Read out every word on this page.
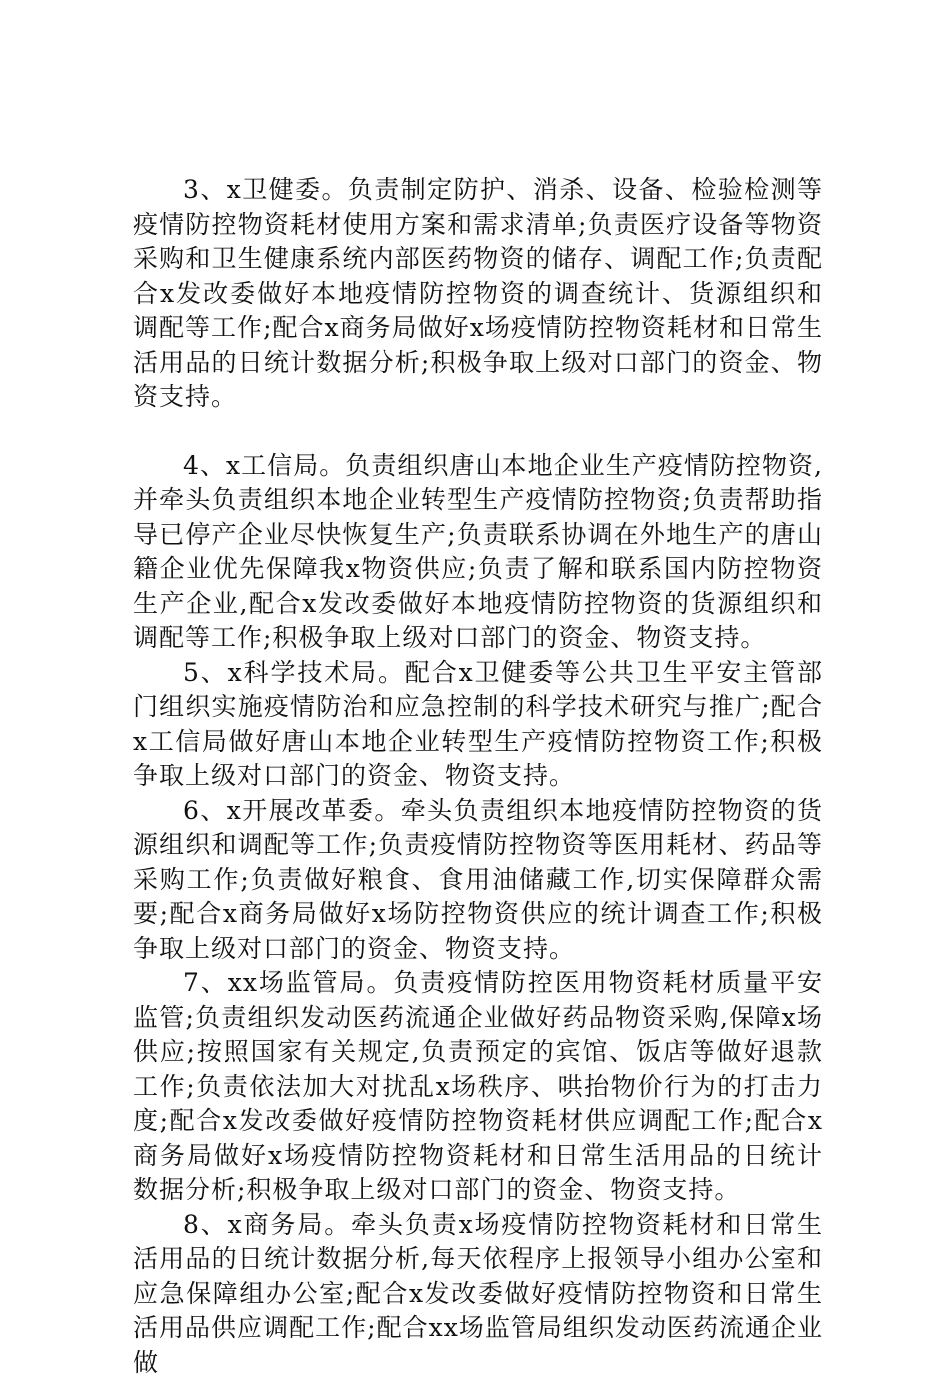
3、x卫健委。负责制定防护、消杀、设备、检验检测等疫情防控物资耗材使用方案和需求清单;负责医疗设备等物资采购和卫生健康系统内部医药物资的储存、调配工作;负责配合x发改委做好本地疫情防控物资的调查统计、货源组织和调配等工作;配合x商务局做好x场疫情防控物资耗材和日常生活用品的日统计数据分析;积极争取上级对口部门的资金、物资支持。

4、x工信局。负责组织唐山本地企业生产疫情防控物资,并牵头负责组织本地企业转型生产疫情防控物资;负责帮助指导已停产企业尽快恢复生产;负责联系协调在外地生产的唐山籍企业优先保障我x物资供应;负责了解和联系国内防控物资生产企业,配合x发改委做好本地疫情防控物资的货源组织和调配等工作;积极争取上级对口部门的资金、物资支持。

5、x科学技术局。配合x卫健委等公共卫生平安主管部门组织实施疫情防治和应急控制的科学技术研究与推广;配合x工信局做好唐山本地企业转型生产疫情防控物资工作;积极争取上级对口部门的资金、物资支持。

6、x开展改革委。牵头负责组织本地疫情防控物资的货源组织和调配等工作;负责疫情防控物资等医用耗材、药品等采购工作;负责做好粮食、食用油储藏工作,切实保障群众需要;配合x商务局做好x场防控物资供应的统计调查工作;积极争取上级对口部门的资金、物资支持。

7、xx场监管局。负责疫情防控医用物资耗材质量平安监管;负责组织发动医药流通企业做好药品物资采购,保障x场供应;按照国家有关规定,负责预定的宾馆、饭店等做好退款工作;负责依法加大对扰乱x场秩序、哄抬物价行为的打击力度;配合x发改委做好疫情防控物资耗材供应调配工作;配合x商务局做好x场疫情防控物资耗材和日常生活用品的日统计数据分析;积极争取上级对口部门的资金、物资支持。

8、x商务局。牵头负责x场疫情防控物资耗材和日常生活用品的日统计数据分析,每天依程序上报领导小组办公室和应急保障组办公室;配合x发改委做好疫情防控物资和日常生活用品供应调配工作;配合xx场监管局组织发动医药流通企业做
